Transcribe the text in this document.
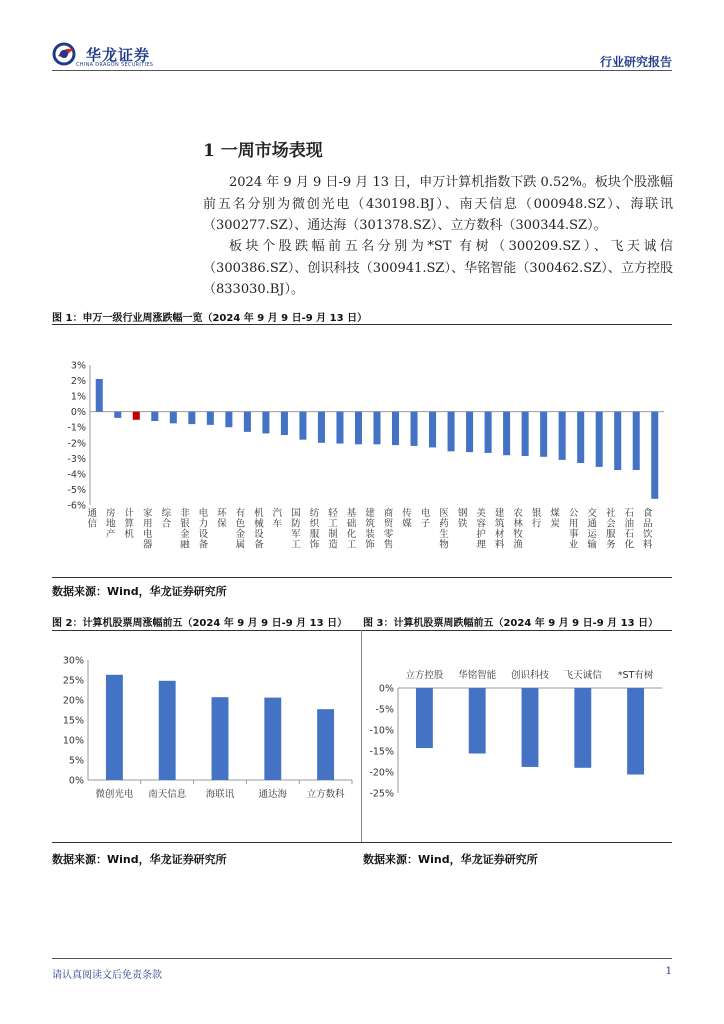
华龙证券
CHINA DRAGON SECURITIES	行业研究报告
1 一周市场表现
2024 年 9 月 9 日-9 月 13 日，申万计算机指数下跌 0.52%。板块个股涨幅前五名分别为微创光电（430198.BJ）、南天信息（000948.SZ）、海联讯（300277.SZ）、通达海（301378.SZ）、立方数科（300344.SZ）。
板块个股跌幅前五名分别为*ST 有树（300209.SZ）、飞天诚信（300386.SZ）、创识科技（300941.SZ）、华铭智能（300462.SZ）、立方控股（833030.BJ）。
图 1：申万一级行业周涨跌幅一览（2024 年 9 月 9 日-9 月 13 日）
3%
2%
1%
0%
-1%
-2%
-3%
-4%
-5%
-6%
通信
房地产
计算机
家用电器
综合
非银金融
电力设备
环保
有色金属
机械设备
汽车
国防军工
纺织服饰
轻工制造
基础化工
建筑装饰
商贸零售
传媒
电子
医药生物
钢铁
美容护理
建筑材料
农林牧渔
银行
煤炭
公用事业
交通运输
社会服务
石油石化
食品饮料
数据来源：Wind，华龙证券研究所
图 2：计算机股票周涨幅前五（2024 年 9 月 9 日-9 月 13 日） 图 3：计算机股票周跌幅前五（2024 年 9 月 9 日-9 月 13 日）
30%
25%
20%
15%
10%
5%
0%
微创光电 南天信息 海联讯	通达海 立方数科
0%
-5%
-10%
-15%
-20%
-25%
立方控股 华铭智能 创识科技 飞天诚信 *ST有树
数据来源：Wind，华龙证券研究所	数据来源：Wind，华龙证券研究所
请认真阅读文后免责条款	1
